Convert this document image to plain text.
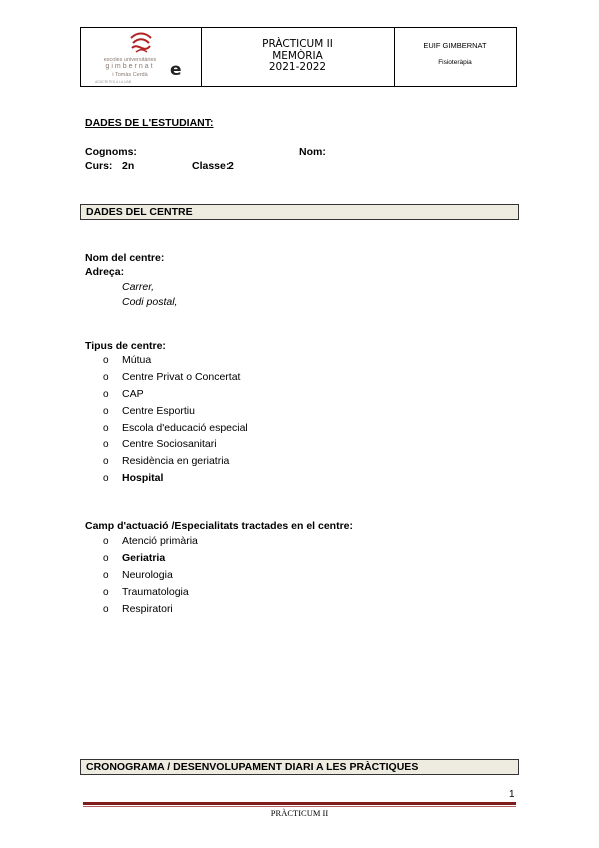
escoles universitàries
gimbernat
i Tomàs Cerdà
ADSCRITES A LA UAB
e
PRÀCTICUM II
MEMÒRIA
2021-2022
EUIF GIMBERNAT
Fisioteràpia
DADES DE L'ESTUDIANT:
Cognoms:	Nom:
Curs: 2n	Classe:
2
DADES DEL CENTRE
Nom del centre:
Adreça:
Carrer,
Codi postal,
Tipus de centre:
o Mútua
o Centre Privat o Concertat
o CAP
o Centre Esportiu
o Escola d'educació especial
o Centre Sociosanitari
o Residència en geriatria
o Hospital
Camp d'actuació /Especialitats tractades en el centre:
o Atenció primària
o Geriatria
o Neurologia
o Traumatologia
o Respiratori
CRONOGRAMA / DESENVOLUPAMENT DIARI A LES PRÀCTIQUES
1
PRÀCTICUM II
